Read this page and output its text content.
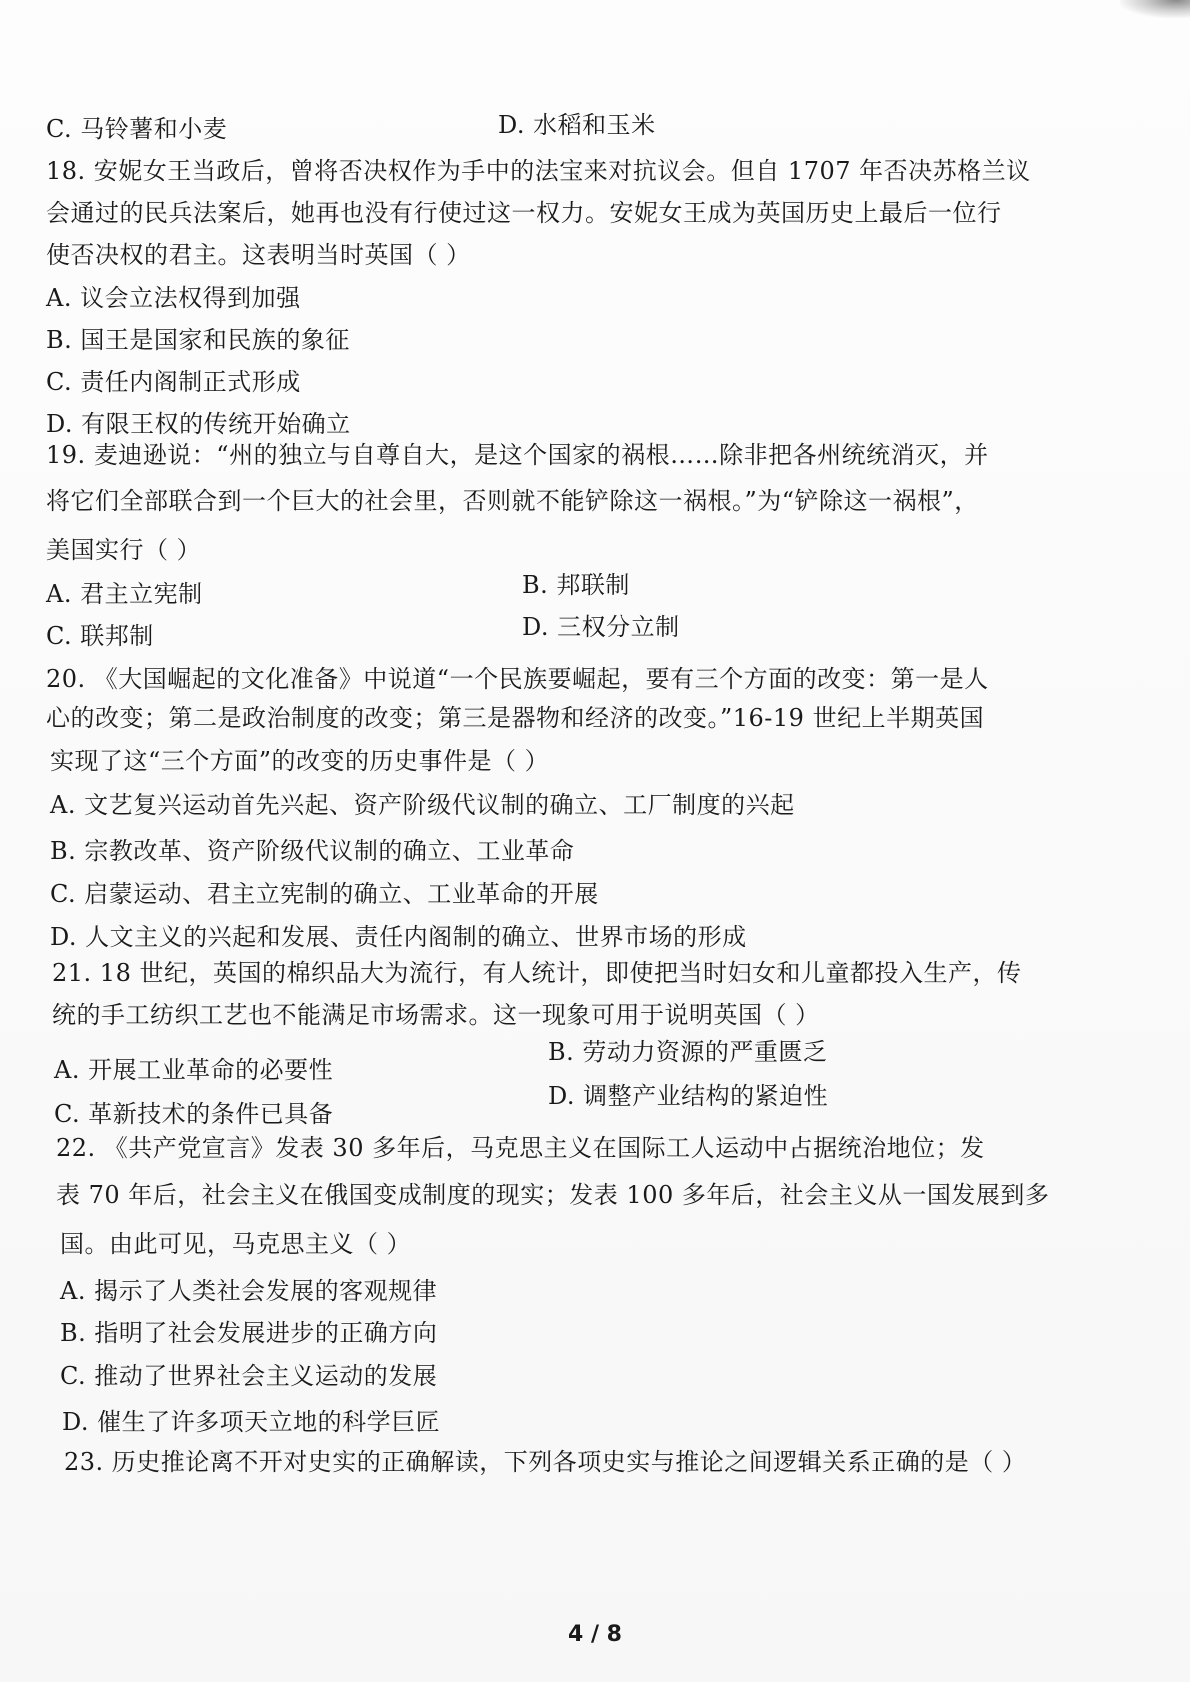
C. 马铃薯和小麦	D. 水稻和玉米
18. 安妮女王当政后，曾将否决权作为手中的法宝来对抗议会。但自 1707 年否决苏格兰议
会通过的民兵法案后，她再也没有行使过这一权力。安妮女王成为英国历史上最后一位行
使否决权的君主。这表明当时英国（ ）
A. 议会立法权得到加强
B. 国王是国家和民族的象征
C. 责任内阁制正式形成
D. 有限王权的传统开始确立
19. 麦迪逊说：“州的独立与自尊自大，是这个国家的祸根……除非把各州统统消灭，并
将它们全部联合到一个巨大的社会里，否则就不能铲除这一祸根。”为“铲除这一祸根”，
美国实行（ ）
A. 君主立宪制	B. 邦联制
C. 联邦制	D. 三权分立制
20. 《大国崛起的文化准备》中说道“一个民族要崛起，要有三个方面的改变：第一是人
心的改变；第二是政治制度的改变；第三是器物和经济的改变。”16-19 世纪上半期英国
实现了这“三个方面”的改变的历史事件是（ ）
A. 文艺复兴运动首先兴起、资产阶级代议制的确立、工厂制度的兴起
B. 宗教改革、资产阶级代议制的确立、工业革命
C. 启蒙运动、君主立宪制的确立、工业革命的开展
D. 人文主义的兴起和发展、责任内阁制的确立、世界市场的形成
21. 18 世纪，英国的棉织品大为流行，有人统计，即使把当时妇女和儿童都投入生产，传
统的手工纺织工艺也不能满足市场需求。这一现象可用于说明英国（ ）
A. 开展工业革命的必要性
B. 劳动力资源的严重匮乏
C. 革新技术的条件已具备
D. 调整产业结构的紧迫性
22. 《共产党宣言》发表 30 多年后，马克思主义在国际工人运动中占据统治地位；发
表 70 年后，社会主义在俄国变成制度的现实；发表 100 多年后，社会主义从一国发展到多
国。由此可见，马克思主义（ ）
A. 揭示了人类社会发展的客观规律
B. 指明了社会发展进步的正确方向
C. 推动了世界社会主义运动的发展
D. 催生了许多项天立地的科学巨匠
23. 历史推论离不开对史实的正确解读，下列各项史实与推论之间逻辑关系正确的是（ ）
4 / 8
